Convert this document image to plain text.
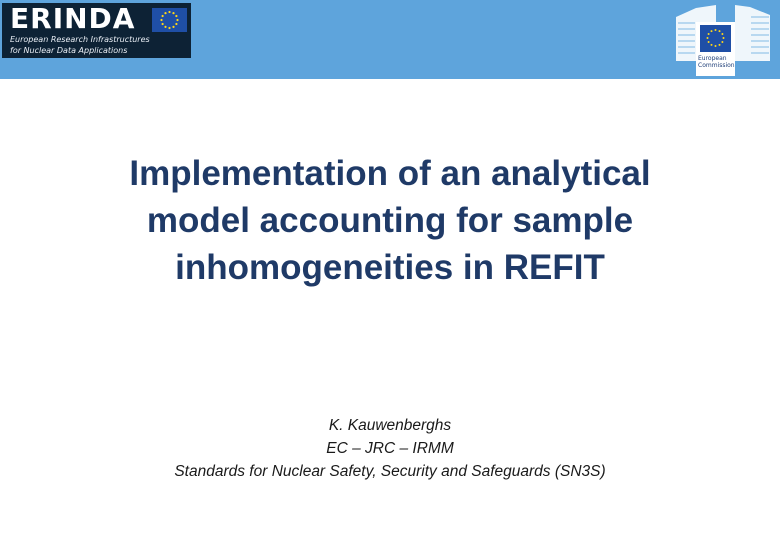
ERINDA
European Research Infrastructures
for Nuclear Data Applications
European
Commission
Implementation of an analytical
model accounting for sample
inhomogeneities in REFIT
K. Kauwenberghs
EC – JRC – IRMM
Standards for Nuclear Safety, Security and Safeguards (SN3S)
